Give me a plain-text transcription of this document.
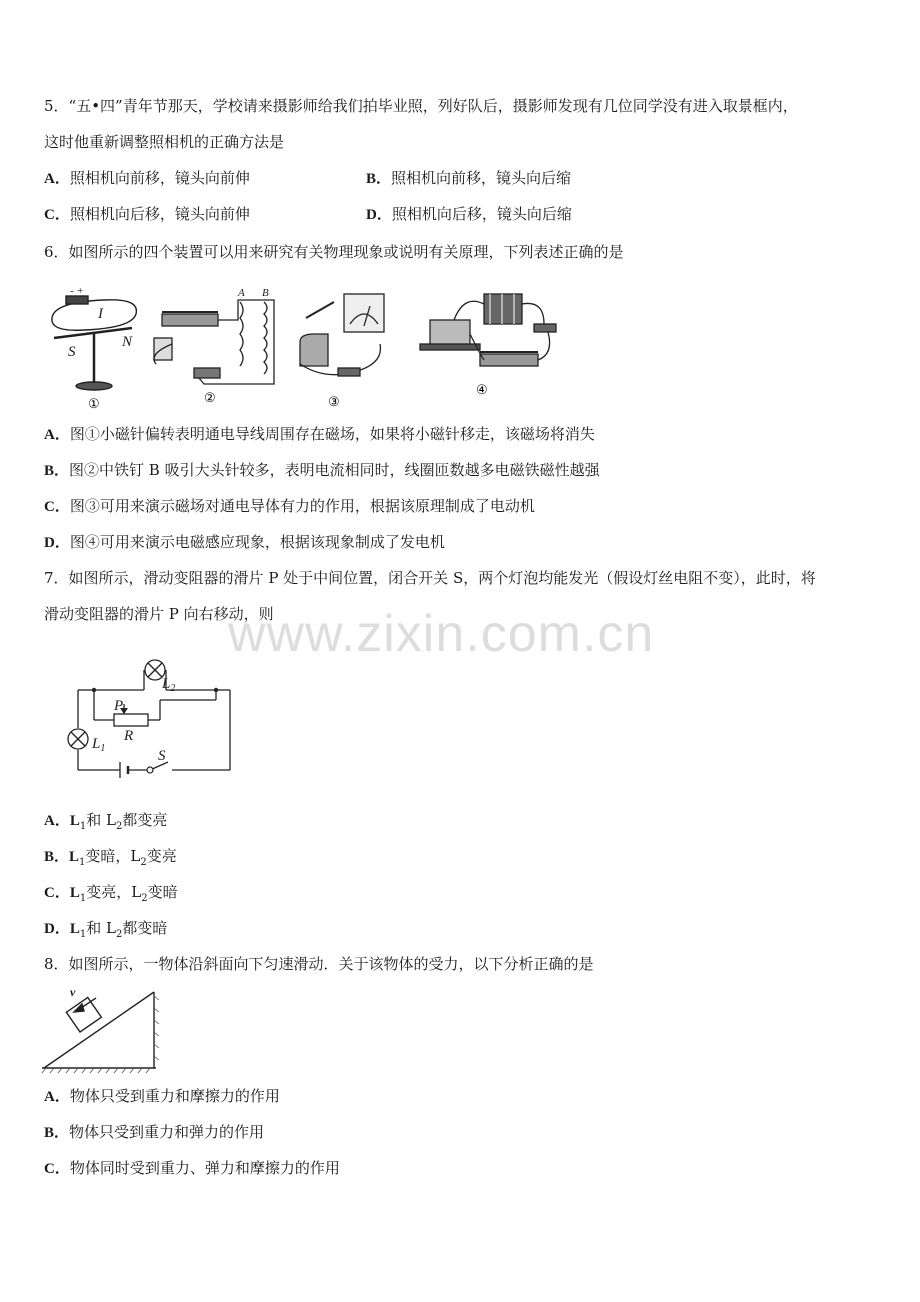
www.zixin.com.cn
5．“五•四”青年节那天，学校请来摄影师给我们拍毕业照，列好队后，摄影师发现有几位同学没有进入取景框内，
这时他重新调整照相机的正确方法是
A．照相机向前移，镜头向前伸	B．照相机向前移，镜头向后缩
C．照相机向后移，镜头向前伸	D．照相机向后移，镜头向后缩
6．如图所示的四个装置可以用来研究有关物理现象或说明有关原理，下列表述正确的是
S
N
I
- +
①
A B
②	③
④
A．图①小磁针偏转表明通电导线周围存在磁场，如果将小磁针移走，该磁场将消失
B．图②中铁钉 B 吸引大头针较多，表明电流相同时，线圈匝数越多电磁铁磁性越强
C．图③可用来演示磁场对通电导体有力的作用，根据该原理制成了电动机
D．图④可用来演示电磁感应现象，根据该现象制成了发电机
7．如图所示，滑动变阻器的滑片 P 处于中间位置，闭合开关 S，两个灯泡均能发光（假设灯丝电阻不变），此时，将
滑动变阻器的滑片 P 向右移动，则
$L_2$
$L_1$
P
R
S
A．$L_1$和 $L_2$都变亮
B．$L_1$变暗，$L_2$变亮
C．$L_1$变亮，$L_2$变暗
D．$L_1$和 $L_2$都变暗
8．如图所示，一物体沿斜面向下匀速滑动．关于该物体的受力，以下分析正确的是
v
A．物体只受到重力和摩擦力的作用
B．物体只受到重力和弹力的作用
C．物体同时受到重力、弹力和摩擦力的作用
